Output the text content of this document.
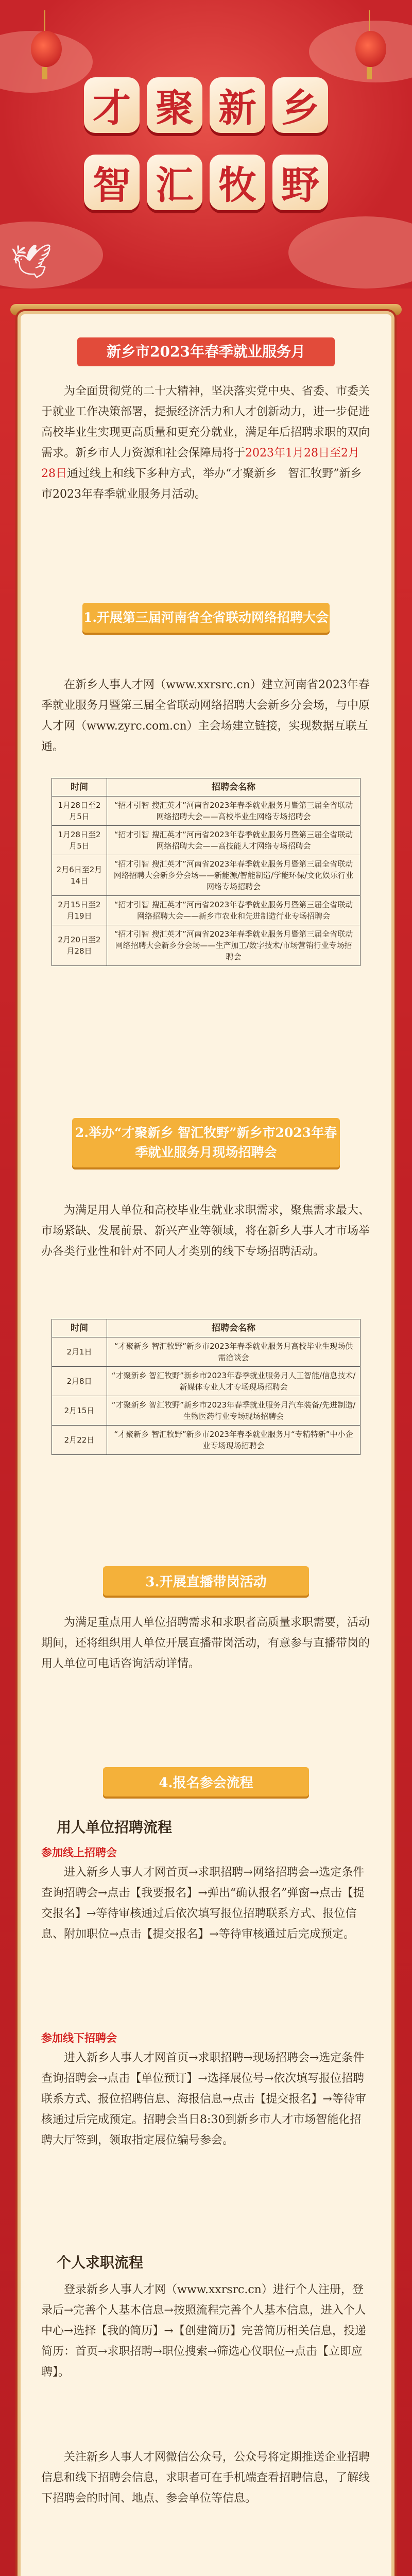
才 聚 新 乡
智 汇 牧 野
🕊
新乡市2023年春季就业服务月
为全面贯彻党的二十大精神，坚决落实党中央、省委、市委关于就业工作决策部署，提振经济活力和人才创新动力，进一步促进高校毕业生实现更高质量和更充分就业，满足年后招聘求职的双向需求。新乡市人力资源和社会保障局将于2023年1月28日至2月28日通过线上和线下多种方式，举办“才聚新乡　智汇牧野”新乡市2023年春季就业服务月活动。
1.开展第三届河南省全省联动网络招聘大会
在新乡人事人才网（www.xxrsrc.cn）建立河南省2023年春季就业服务月暨第三届全省联动网络招聘大会新乡分会场，与中原人才网（www.zyrc.com.cn）主会场建立链接，实现数据互联互通。
时间	招聘会名称
1月28日至2月5日	“招才引智 搜汇英才”河南省2023年春季就业服务月暨第三届全省联动网络招聘大会——高校毕业生网络专场招聘会
1月28日至2月5日	“招才引智 搜汇英才”河南省2023年春季就业服务月暨第三届全省联动网络招聘大会——高技能人才网络专场招聘会
2月6日至2月14日	“招才引智 搜汇英才”河南省2023年春季就业服务月暨第三届全省联动网络招聘大会新乡分会场——新能源/智能制造/学能环保/文化娱乐行业网络专场招聘会
2月15日至2月19日	“招才引智 搜汇英才”河南省2023年春季就业服务月暨第三届全省联动网络招聘大会——新乡市农业和先进制造行业专场招聘会
2月20日至2月28日	“招才引智 搜汇英才”河南省2023年春季就业服务月暨第三届全省联动网络招聘大会新乡分会场——生产加工/数字技术/市场营销行业专场招聘会
2.举办“才聚新乡 智汇牧野”新乡市2023年春季就业服务月现场招聘会
为满足用人单位和高校毕业生就业求职需求，聚焦需求最大、市场紧缺、发展前景、新兴产业等领域，将在新乡人事人才市场举办各类行业性和针对不同人才类别的线下专场招聘活动。
时间	招聘会名称
2月1日	“才聚新乡 智汇牧野”新乡市2023年春季就业服务月高校毕业生现场供需洽谈会
2月8日	“才聚新乡 智汇牧野”新乡市2023年春季就业服务月人工智能/信息技术/新媒体专业人才专场现场招聘会
2月15日	“才聚新乡 智汇牧野”新乡市2023年春季就业服务月汽车装备/先进制造/生物医药行业专场现场招聘会
2月22日	“才聚新乡 智汇牧野”新乡市2023年春季就业服务月“专精特新”中小企业专场现场招聘会
3.开展直播带岗活动
为满足重点用人单位招聘需求和求职者高质量求职需要，活动期间，还将组织用人单位开展直播带岗活动，有意参与直播带岗的用人单位可电话咨询活动详情。
4.报名参会流程
用人单位招聘流程
参加线上招聘会
进入新乡人事人才网首页→求职招聘→网络招聘会→选定条件查询招聘会→点击【我要报名】→弹出“确认报名”弹窗→点击【提交报名】→等待审核通过后依次填写报位招聘联系方式、报位信息、附加职位→点击【提交报名】→等待审核通过后完成预定。
参加线下招聘会
进入新乡人事人才网首页→求职招聘→现场招聘会→选定条件查询招聘会→点击【单位预订】→选择展位号→依次填写报位招聘联系方式、报位招聘信息、海报信息→点击【提交报名】→等待审核通过后完成预定。招聘会当日8:30到新乡市人才市场智能化招聘大厅签到，领取指定展位编号参会。
个人求职流程
登录新乡人事人才网（www.xxrsrc.cn）进行个人注册，登录后→完善个人基本信息→按照流程完善个人基本信息，进入个人中心→选择【我的简历】→【创建简历】完善简历相关信息，投递简历：首页→求职招聘→职位搜索→筛选心仪职位→点击【立即应聘】。
关注新乡人事人才网微信公众号，公众号将定期推送企业招聘信息和线下招聘会信息，求职者可在手机端查看招聘信息，了解线下招聘会的时间、地点、参会单位等信息。
